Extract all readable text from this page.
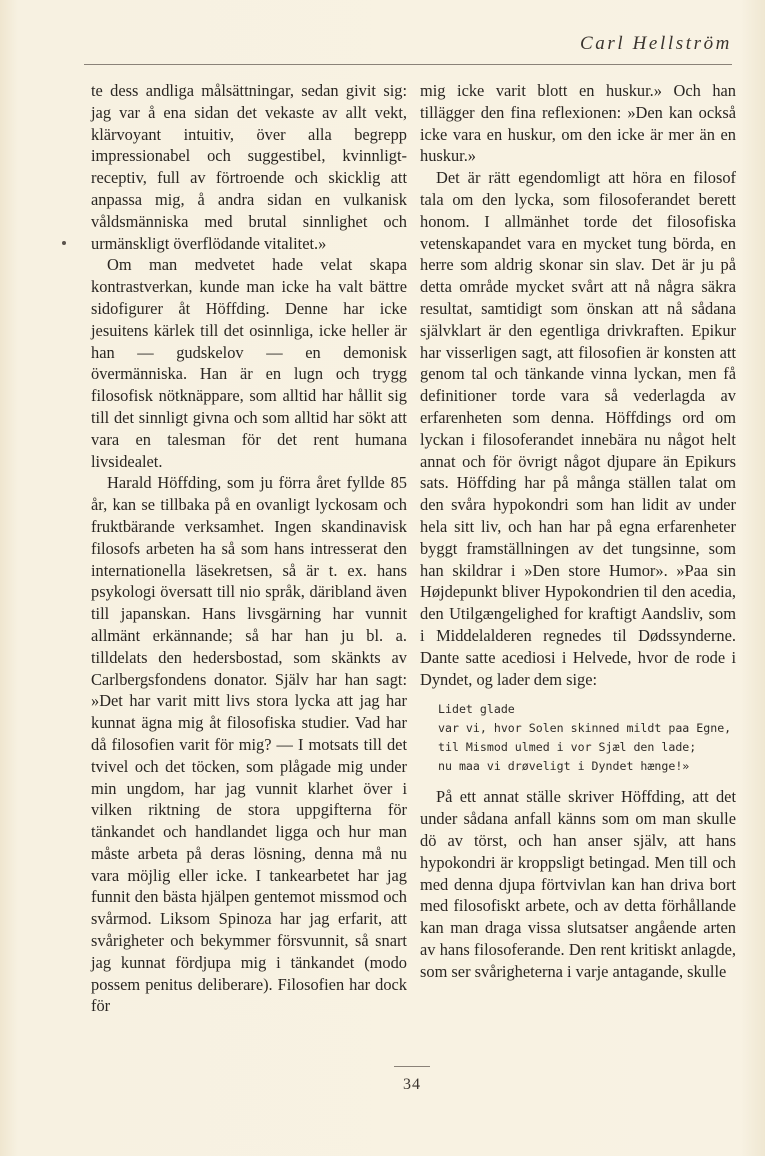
Carl Hellström

te dess andliga målsättningar, sedan givit sig: jag var å ena sidan det vekaste av allt vekt, klärvoyant intuitiv, över alla begrepp impressionabel och suggestibel, kvinnligt-receptiv, full av förtroende och skicklig att anpassa mig, å andra sidan en vulkanisk våldsmänniska med brutal sinnlighet och urmänskligt överflödande vitalitet.»

Om man medvetet hade velat skapa kontrastverkan, kunde man icke ha valt bättre sidofigurer åt Höffding. Denne har icke jesuitens kärlek till det osinnliga, icke heller är han — gudskelov — en demonisk övermänniska. Han är en lugn och trygg filosofisk nötknäppare, som alltid har hållit sig till det sinnligt givna och som alltid har sökt att vara en talesman för det rent humana livsidealet.

Harald Höffding, som ju förra året fyllde 85 år, kan se tillbaka på en ovanligt lyckosam och fruktbärande verksamhet. Ingen skandinavisk filosofs arbeten ha så som hans intresserat den internationella läsekretsen, så är t. ex. hans psykologi översatt till nio språk, däribland även till japanskan. Hans livsgärning har vunnit allmänt erkännande; så har han ju bl. a. tilldelats den hedersbostad, som skänkts av Carlbergsfondens donator. Själv har han sagt: »Det har varit mitt livs stora lycka att jag har kunnat ägna mig åt filosofiska studier. Vad har då filosofien varit för mig? — I motsats till det tvivel och det töcken, som plågade mig under min ungdom, har jag vunnit klarhet över i vilken riktning de stora uppgifterna för tänkandet och handlandet ligga och hur man måste arbeta på deras lösning, denna må nu vara möjlig eller icke. I tankearbetet har jag funnit den bästa hjälpen gentemot missmod och svårmod. Liksom Spinoza har jag erfarit, att svårigheter och bekymmer försvunnit, så snart jag kunnat fördjupa mig i tänkandet (modo possem penitus deliberare). Filosofien har dock för

mig icke varit blott en huskur.» Och han tillägger den fina reflexionen: »Den kan också icke vara en huskur, om den icke är mer än en huskur.»

Det är rätt egendomligt att höra en filosof tala om den lycka, som filosoferandet berett honom. I allmänhet torde det filosofiska vetenskapandet vara en mycket tung börda, en herre som aldrig skonar sin slav. Det är ju på detta område mycket svårt att nå några säkra resultat, samtidigt som önskan att nå sådana självklart är den egentliga drivkraften. Epikur har visserligen sagt, att filosofien är konsten att genom tal och tänkande vinna lyckan, men få definitioner torde vara så vederlagda av erfarenheten som denna. Höffdings ord om lyckan i filosoferandet innebära nu något helt annat och för övrigt något djupare än Epikurs sats. Höffding har på många ställen talat om den svåra hypokondri som han lidit av under hela sitt liv, och han har på egna erfarenheter byggt framställningen av det tungsinne, som han skildrar i »Den store Humor». »Paa sin Højdepunkt bliver Hypokondrien til den acedia, den Utilgængelighed for kraftigt Aandsliv, som i Middelalderen regnedes til Dødssynderne. Dante satte acediosi i Helvede, hvor de rode i Dyndet, og lader dem sige:

Lidet glade
var vi, hvor Solen skinned mildt paa Egne,
til Mismod ulmed i vor Sjæl den lade;
nu maa vi drøveligt i Dyndet hænge!»

På ett annat ställe skriver Höffding, att det under sådana anfall känns som om man skulle dö av törst, och han anser själv, att hans hypokondri är kroppsligt betingad. Men till och med denna djupa förtvivlan kan han driva bort med filosofiskt arbete, och av detta förhållande kan man draga vissa slutsatser angående arten av hans filosoferande. Den rent kritiskt anlagde, som ser svårigheterna i varje antagande, skulle

34
